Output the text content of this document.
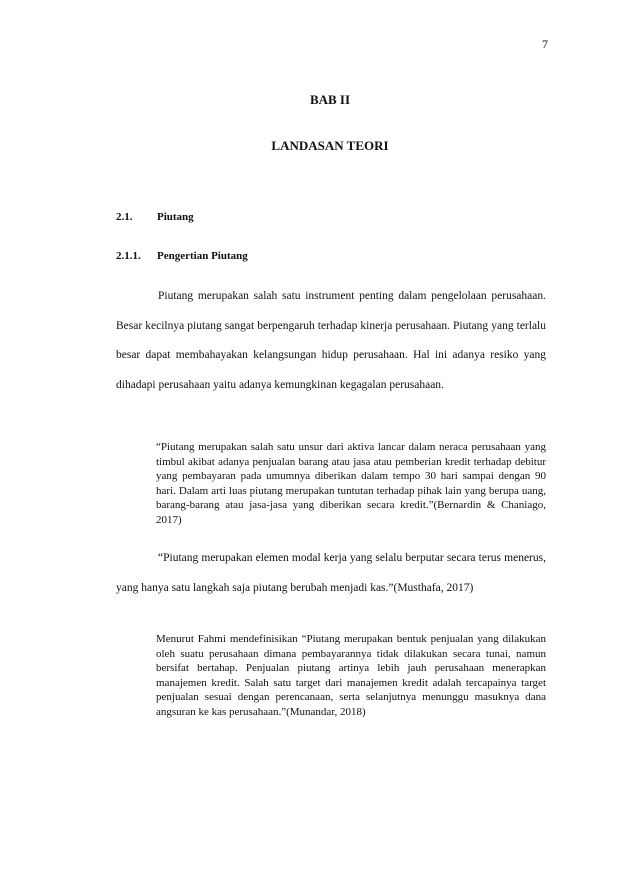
7
BAB II
LANDASAN TEORI
2.1. Piutang
2.1.1. Pengertian Piutang

Piutang merupakan salah satu instrument penting dalam pengelolaan perusahaan. Besar kecilnya piutang sangat berpengaruh terhadap kinerja perusahaan. Piutang yang terlalu besar dapat membahayakan kelangsungan hidup perusahaan. Hal ini adanya resiko yang dihadapi perusahaan yaitu adanya kemungkinan kegagalan perusahaan.

“Piutang merupakan salah satu unsur dari aktiva lancar dalam neraca perusahaan yang timbul akibat adanya penjualan barang atau jasa atau pemberian kredit terhadap debitur yang pembayaran pada umumnya diberikan dalam tempo 30 hari sampai dengan 90 hari. Dalam arti luas piutang merupakan tuntutan terhadap pihak lain yang berupa uang, barang-barang atau jasa-jasa yang diberikan secara kredit.”(Bernardin & Chaniago, 2017)

“Piutang merupakan elemen modal kerja yang selalu berputar secara terus menerus, yang hanya satu langkah saja piutang berubah menjadi kas.”(Musthafa, 2017)

Menurut Fahmi mendefinisikan “Piutang merupakan bentuk penjualan yang dilakukan oleh suatu perusahaan dimana pembayarannya tidak dilakukan secara tunai, namun bersifat bertahap. Penjualan piutang artinya lebih jauh perusahaan menerapkan manajemen kredit. Salah satu target dari manajemen kredit adalah tercapainya target penjualan sesuai dengan perencanaan, serta selanjutnya menunggu masuknya dana angsuran ke kas perusahaan.”(Munandar, 2018)
